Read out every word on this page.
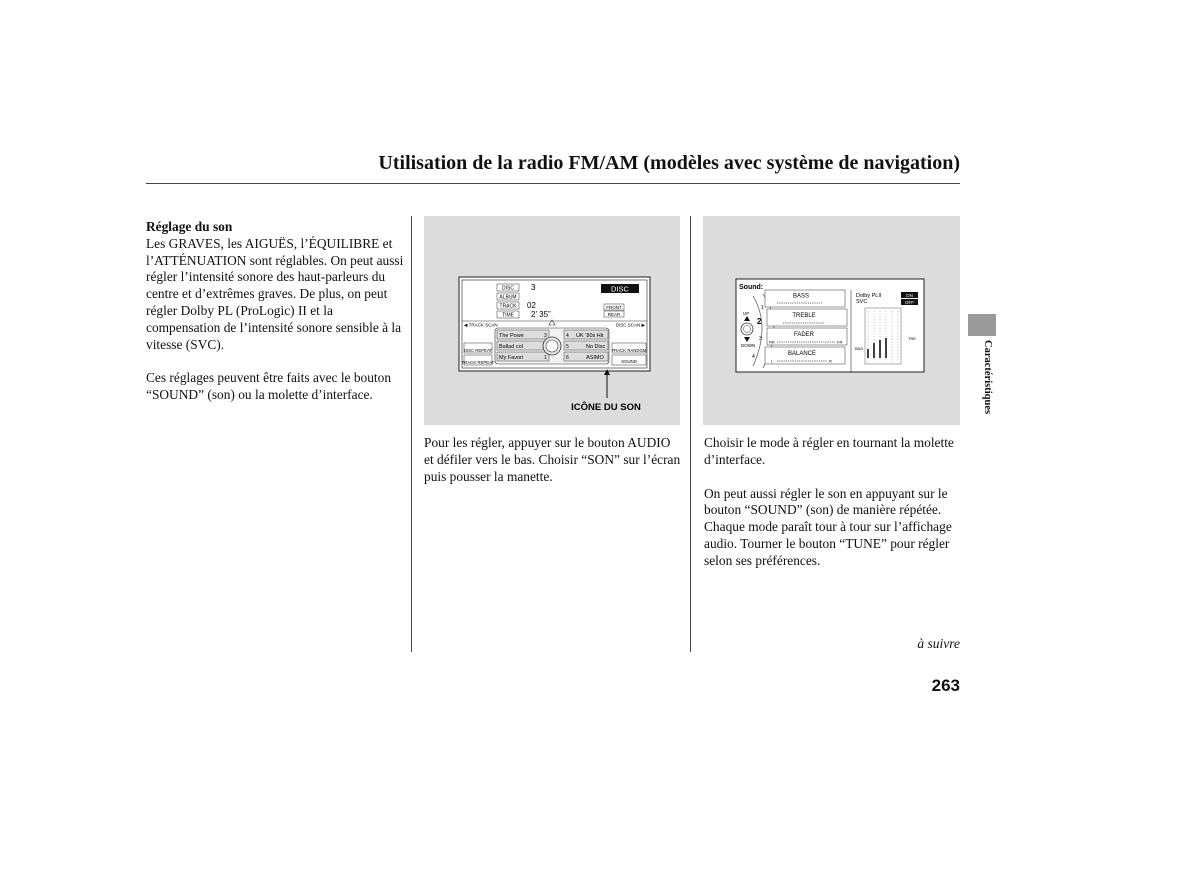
Utilisation de la radio FM/AM (modèles avec système de navigation)

Réglage du son

Les GRAVES, les AIGUËS, l’ÉQUILIBRE et l’ATTÉNUATION sont réglables. On peut aussi régler l’intensité sonore des haut-parleurs du centre et d’extrêmes graves. De plus, on peut régler Dolby PL (ProLogic) II et la compensation de l’intensité sonore sensible à la vitesse (SVC).

Ces réglages peuvent être faits avec le bouton “SOUND” (son) ou la molette d’interface.

DISC 3
ALBUM
TRACK 02
TIME 2’ 35”
DISC
FRONT
REAR
◀ TRACK SCAN	DISC SCAN ▶
DISC REPEAT
TRACK REPEAT
TRACK RANDOM
SOUND
The Powe
Ballad col
My Favori
UK ‘80s Hit
No Disc
ASIMO
3
1
4
5
6
ICÔNE DU SON

Pour les régler, appuyer sur le bouton AUDIO et défiler vers le bas. Choisir “SON” sur l’écran puis pousser la manette.

Sound:
UP
DOWN
2
3
4
1
BASS
TREBLE
FADER
RR	FR
BALANCE
L	R
Dolby PLII	ON
SVC	OFF
BAS
TRE

Choisir le mode à régler en tournant la molette d’interface.

On peut aussi régler le son en appuyant sur le bouton “SOUND” (son) de manière répétée. Chaque mode paraît tour à tour sur l’affichage audio. Tourner le bouton “TUNE” pour régler selon ses préférences.

Caractéristiques
à suivre
263
